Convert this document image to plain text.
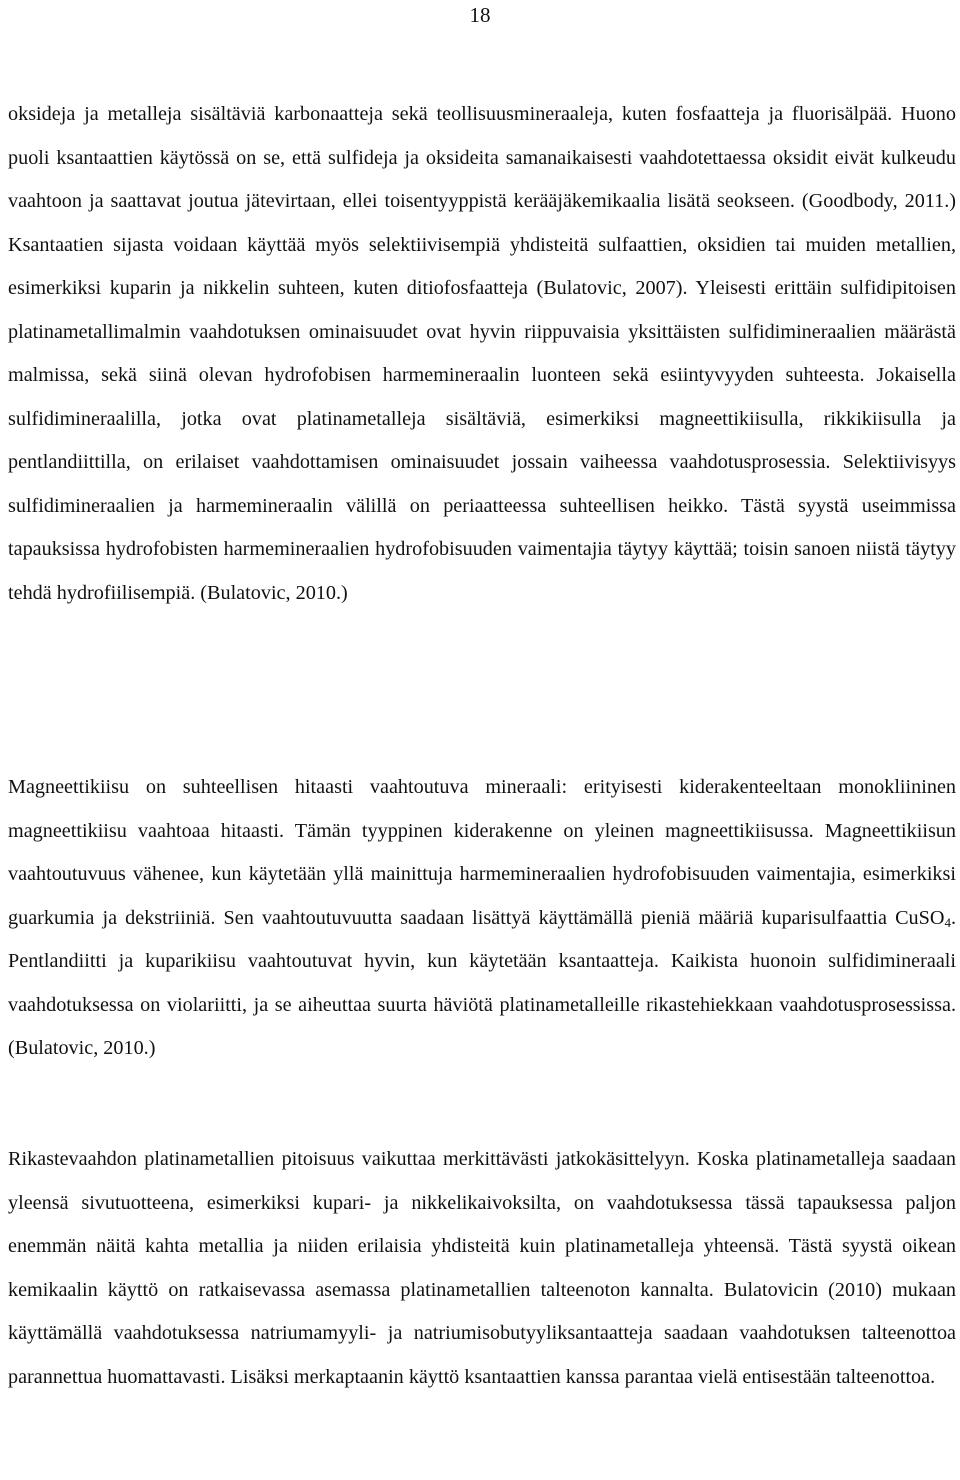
18

oksideja ja metalleja sisältäviä karbonaatteja sekä teollisuusmineraaleja, kuten fosfaatteja ja fluorisälpää. Huono puoli ksantaattien käytössä on se, että sulfideja ja oksideita samanaikaisesti vaahdotettaessa oksidit eivät kulkeudu vaahtoon ja saattavat joutua jätevirtaan, ellei toisentyyppistä kerääjäkemikaalia lisätä seokseen. (Goodbody, 2011.) Ksantaatien sijasta voidaan käyttää myös selektiivisempiä yhdisteitä sulfaattien, oksidien tai muiden metallien, esimerkiksi kuparin ja nikkelin suhteen, kuten ditiofosfaatteja (Bulatovic, 2007). Yleisesti erittäin sulfidipitoisen platinametallimalmin vaahdotuksen ominaisuudet ovat hyvin riippuvaisia yksittäisten sulfidimineraalien määrästä malmissa, sekä siinä olevan hydrofobisen harmemineraalin luonteen sekä esiintyvyyden suhteesta. Jokaisella sulfidimineraalilla, jotka ovat platinametalleja sisältäviä, esimerkiksi magneettikiisulla, rikkikiisulla ja pentlandiittilla, on erilaiset vaahdottamisen ominaisuudet jossain vaiheessa vaahdotusprosessia. Selektiivisyys sulfidimineraalien ja harmemineraalin välillä on periaatteessa suhteellisen heikko. Tästä syystä useimmissa tapauksissa hydrofobisten harmemineraalien hydrofobisuuden vaimentajia täytyy käyttää; toisin sanoen niistä täytyy tehdä hydrofiilisempiä. (Bulatovic, 2010.)

Magneettikiisu on suhteellisen hitaasti vaahtoutuva mineraali: erityisesti kiderakenteeltaan monokliininen magneettikiisu vaahtoaa hitaasti. Tämän tyyppinen kiderakenne on yleinen magneettikiisussa. Magneettikiisun vaahtoutuvuus vähenee, kun käytetään yllä mainittuja harmemineraalien hydrofobisuuden vaimentajia, esimerkiksi guarkumia ja dekstriiniä. Sen vaahtoutuvuutta saadaan lisättyä käyttämällä pieniä määriä kuparisulfaattia CuSO$_4$. Pentlandiitti ja kuparikiisu vaahtoutuvat hyvin, kun käytetään ksantaatteja. Kaikista huonoin sulfidimineraali vaahdotuksessa on violariitti, ja se aiheuttaa suurta häviötä platinametalleille rikastehiekkaan vaahdotusprosessissa. (Bulatovic, 2010.)

Rikastevaahdon platinametallien pitoisuus vaikuttaa merkittävästi jatkokäsittelyyn. Koska platinametalleja saadaan yleensä sivutuotteena, esimerkiksi kupari- ja nikkelikaivoksilta, on vaahdotuksessa tässä tapauksessa paljon enemmän näitä kahta metallia ja niiden erilaisia yhdisteitä kuin platinametalleja yhteensä. Tästä syystä oikean kemikaalin käyttö on ratkaisevassa asemassa platinametallien talteenoton kannalta. Bulatovicin (2010) mukaan käyttämällä vaahdotuksessa natriumamyyli- ja natriumisobutyyliksantaatteja saadaan vaahdotuksen talteenottoa parannettua huomattavasti. Lisäksi merkaptaanin käyttö ksantaattien kanssa parantaa vielä entisestään talteenottoa.
